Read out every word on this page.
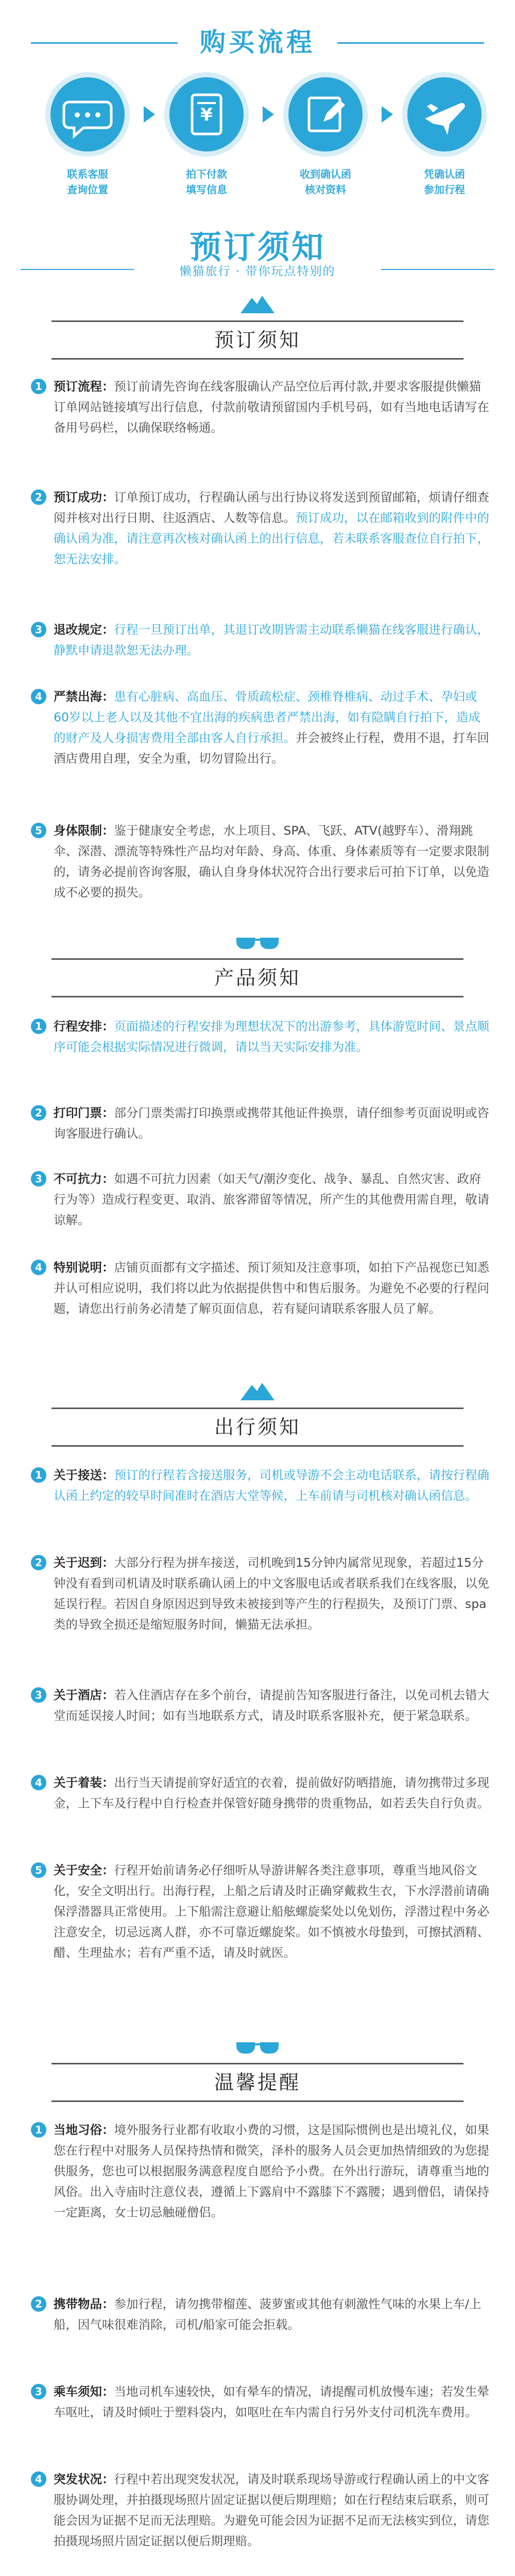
购买流程
联系客服
查询位置
¥
拍下付款
填写信息
收到确认函
核对资料
凭确认函
参加行程
预订须知
懒猫旅行 · 带你玩点特别的
预订须知
1 预订流程：预订前请先咨询在线客服确认产品空位后再付款,并要求客服提供懒猫订单网站链接填写出行信息，付款前敬请预留国内手机号码，如有当地电话请写在备用号码栏，以确保联络畅通。
2 预订成功：订单预订成功，行程确认函与出行协议将发送到预留邮箱，烦请仔细查阅并核对出行日期、往返酒店、人数等信息。预订成功，以在邮箱收到的附件中的确认函为准，请注意再次核对确认函上的出行信息，若未联系客服查位自行拍下，恕无法安排。
3 退改规定：行程一旦预订出单，其退订改期皆需主动联系懒猫在线客服进行确认，静默申请退款恕无法办理。
4 严禁出海：患有心脏病、高血压、骨质疏松症、颈椎脊椎病、动过手术、孕妇或60岁以上老人以及其他不宜出海的疾病患者严禁出海，如有隐瞒自行拍下，造成的财产及人身损害费用全部由客人自行承担。并会被终止行程，费用不退，打车回酒店费用自理，安全为重，切勿冒险出行。
5 身体限制：鉴于健康安全考虑，水上项目、SPA、飞跃、ATV(越野车）、滑翔跳伞、深潜、漂流等特殊性产品均对年龄、身高、体重、身体素质等有一定要求限制的，请务必提前咨询客服，确认自身身体状况符合出行要求后可拍下订单，以免造成不必要的损失。
产品须知
1 行程安排：页面描述的行程安排为理想状况下的出游参考，具体游览时间、景点顺序可能会根据实际情况进行微调，请以当天实际安排为准。
2 打印门票：部分门票类需打印换票或携带其他证件换票，请仔细参考页面说明或咨询客服进行确认。
3 不可抗力：如遇不可抗力因素（如天气/潮汐变化、战争、暴乱、自然灾害、政府行为等）造成行程变更、取消、旅客滞留等情况，所产生的其他费用需自理，敬请谅解。
4 特别说明：店铺页面都有文字描述、预订须知及注意事项，如拍下产品视您已知悉并认可相应说明，我们将以此为依据提供售中和售后服务。为避免不必要的行程问题，请您出行前务必清楚了解页面信息，若有疑问请联系客服人员了解。
出行须知
1 关于接送：预订的行程若含接送服务，司机或导游不会主动电话联系，请按行程确认函上约定的较早时间准时在酒店大堂等候，上车前请与司机核对确认函信息。
2 关于迟到：大部分行程为拼车接送，司机晚到15分钟内属常见现象，若超过15分钟没有看到司机请及时联系确认函上的中文客服电话或者联系我们在线客服，以免延误行程。若因自身原因迟到导致未被接到等产生的行程损失，及预订门票、spa类的导致全损还是缩短服务时间，懒猫无法承担。
3 关于酒店：若入住酒店存在多个前台，请提前告知客服进行备注，以免司机去错大堂而延误接人时间；如有当地联系方式，请及时联系客服补充，便于紧急联系。
4 关于着装：出行当天请提前穿好适宜的衣着，提前做好防晒措施，请勿携带过多现金，上下车及行程中自行检查并保管好随身携带的贵重物品，如若丢失自行负责。
5 关于安全：行程开始前请务必仔细听从导游讲解各类注意事项，尊重当地风俗文化，安全文明出行。出海行程，上船之后请及时正确穿戴救生衣，下水浮潜前请确保浮潜器具正常使用。上下船需注意避让船舷螺旋桨处以免划伤，浮潜过程中务必注意安全，切忌远离人群，亦不可靠近螺旋桨。如不慎被水母蛰到，可擦拭酒精、醋、生理盐水；若有严重不适，请及时就医。
温馨提醒
1 当地习俗：境外服务行业都有收取小费的习惯，这是国际惯例也是出境礼仪，如果您在行程中对服务人员保持热情和微笑，泽朴的服务人员会更加热情细致的为您提供服务，您也可以根据服务满意程度自愿给予小费。在外出行游玩，请尊重当地的风俗。出入寺庙时注意仪表，遵循上下露肩中不露膝下不露腰；遇到僧侣，请保持一定距离，女士切忌触碰僧侣。
2 携带物品：参加行程，请勿携带榴莲、菠萝蜜或其他有刺激性气味的水果上车/上船，因气味很难消除，司机/船家可能会拒载。
3 乘车须知：当地司机车速较快，如有晕车的情况，请提醒司机放慢车速；若发生晕车呕吐，请及时倾吐于塑料袋内，如呕吐在车内需自行另外支付司机洗车费用。
4 突发状况：行程中若出现突发状况，请及时联系现场导游或行程确认函上的中文客服协调处理，并拍摄现场照片固定证据以便后期理赔；如在行程结束后联系，则可能会因为证据不足而无法理赔。为避免可能会因为证据不足而无法核实到位，请您拍摄现场照片固定证据以便后期理赔。
